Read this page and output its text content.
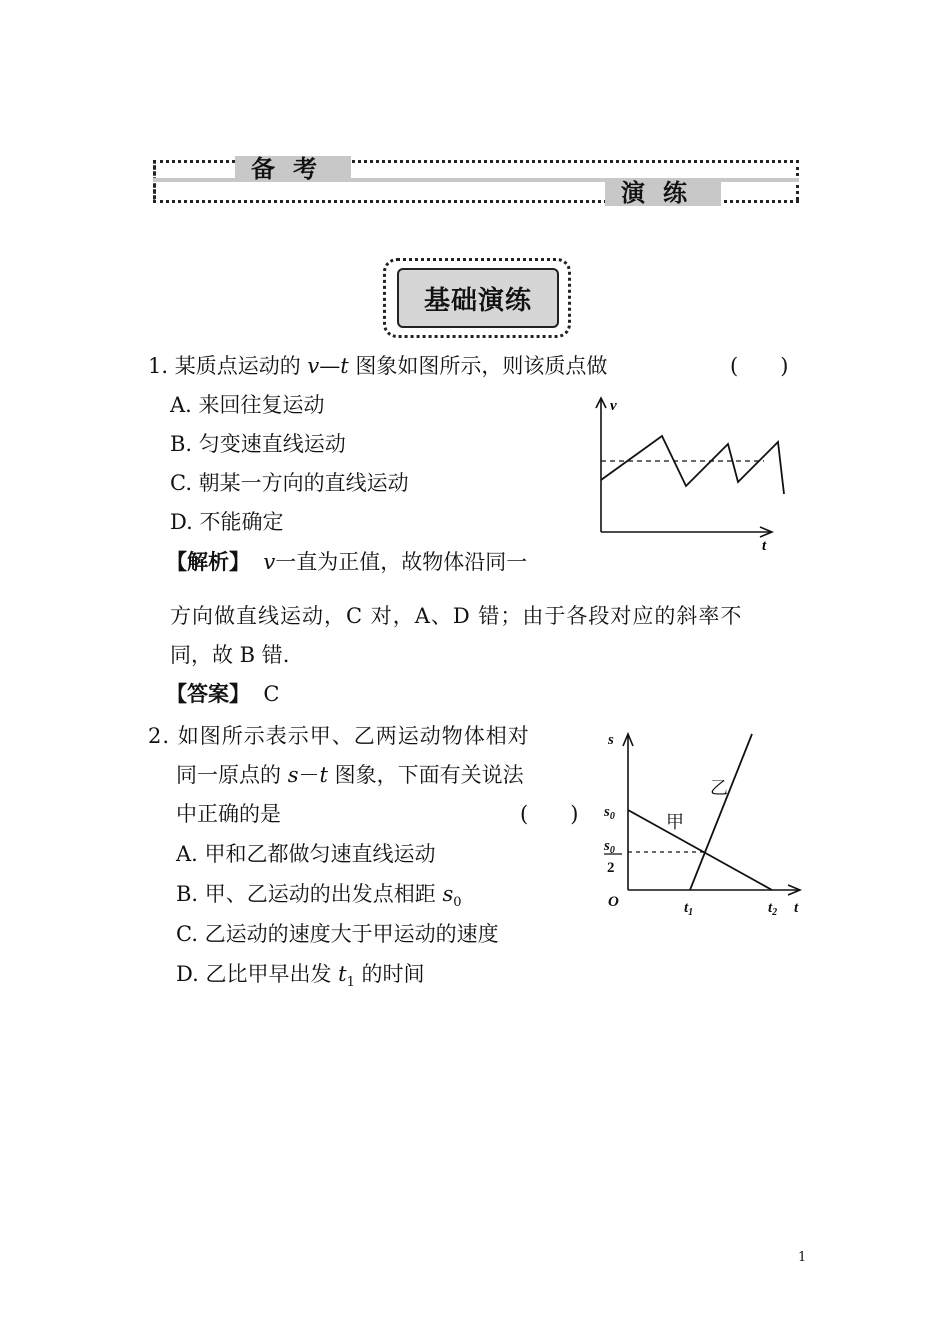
备考
演练
基础演练
1. 某质点运动的 v—t 图象如图所示，则该质点做	(　　)
A. 来回往复运动
B. 匀变速直线运动
C. 朝某一方向的直线运动
D. 不能确定
v
t
【解析】 v一直为正值，故物体沿同一
方向做直线运动，C 对，A、D 错；由于各段对应的斜率不
同，故 B 错.
【答案】 C
2. 如图所示表示甲、乙两运动物体相对
同一原点的 s－t 图象，下面有关说法
中正确的是	(　　)
A. 甲和乙都做匀速直线运动
B. 甲、乙运动的出发点相距 $s_0$
C. 乙运动的速度大于甲运动的速度
D. 乙比甲早出发 $t_1$ 的时间
s
t
$s_0$
$s_0$
2
O	$t_1$	$t_2$
甲
乙
1
